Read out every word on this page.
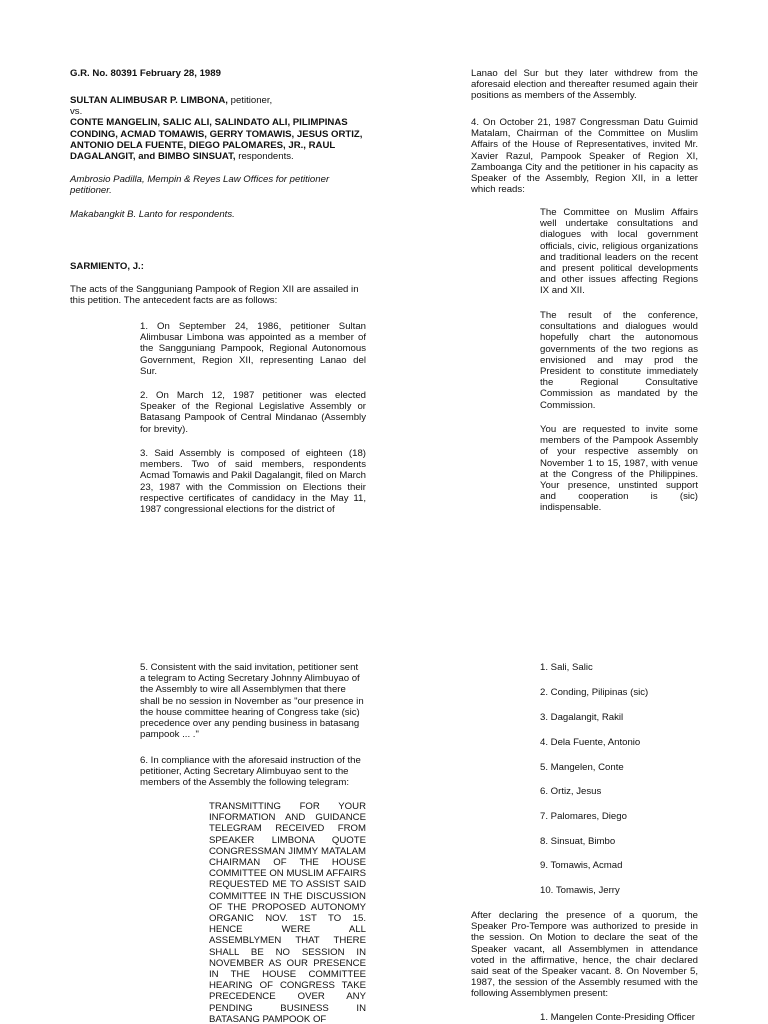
G.R. No. 80391 February 28, 1989
SULTAN ALIMBUSAR P. LIMBONA, petitioner,
vs.
CONTE MANGELIN, SALIC ALI, SALINDATO ALI, PILIMPINAS CONDING, ACMAD TOMAWIS, GERRY TOMAWIS, JESUS ORTIZ, ANTONIO DELA FUENTE, DIEGO PALOMARES, JR., RAUL DAGALANGIT, and BIMBO SINSUAT, respondents.
Ambrosio Padilla, Mempin & Reyes Law Offices for petitioner petitioner.
Makabangkit B. Lanto for respondents.
SARMIENTO, J.:
The acts of the Sangguniang Pampook of Region XII are assailed in this petition. The antecedent facts are as follows:
1. On September 24, 1986, petitioner Sultan Alimbusar Limbona was appointed as a member of the Sangguniang Pampook, Regional Autonomous Government, Region XII, representing Lanao del Sur.
2. On March 12, 1987 petitioner was elected Speaker of the Regional Legislative Assembly or Batasang Pampook of Central Mindanao (Assembly for brevity).
3. Said Assembly is composed of eighteen (18) members. Two of said members, respondents Acmad Tomawis and Pakil Dagalangit, filed on March 23, 1987 with the Commission on Elections their respective certificates of candidacy in the May 11, 1987 congressional elections for the district of
5. Consistent with the said invitation, petitioner sent a telegram to Acting Secretary Johnny Alimbuyao of the Assembly to wire all Assemblymen that there shall be no session in November as "our presence in the house committee hearing of Congress take (sic) precedence over any pending business in batasang pampook ... ."
6. In compliance with the aforesaid instruction of the petitioner, Acting Secretary Alimbuyao sent to the members of the Assembly the following telegram:
TRANSMITTING FOR YOUR INFORMATION AND GUIDANCE TELEGRAM RECEIVED FROM SPEAKER LIMBONA QUOTE CONGRESSMAN JIMMY MATALAM CHAIRMAN OF THE HOUSE COMMITTEE ON MUSLIM AFFAIRS REQUESTED ME TO ASSIST SAID COMMITTEE IN THE DISCUSSION OF THE PROPOSED AUTONOMY ORGANIC NOV. 1ST TO 15. HENCE WERE ALL ASSEMBLYMEN THAT THERE SHALL BE NO SESSION IN NOVEMBER AS OUR PRESENCE IN THE HOUSE COMMITTEE HEARING OF CONGRESS TAKE PRECEDENCE OVER ANY PENDING BUSINESS IN BATASANG PAMPOOK OF
Lanao del Sur but they later withdrew from the aforesaid election and thereafter resumed again their positions as members of the Assembly.
4. On October 21, 1987 Congressman Datu Guimid Matalam, Chairman of the Committee on Muslim Affairs of the House of Representatives, invited Mr. Xavier Razul, Pampook Speaker of Region XI, Zamboanga City and the petitioner in his capacity as Speaker of the Assembly, Region XII, in a letter which reads:
The Committee on Muslim Affairs well undertake consultations and dialogues with local government officials, civic, religious organizations and traditional leaders on the recent and present political developments and other issues affecting Regions IX and XII.
The result of the conference, consultations and dialogues would hopefully chart the autonomous governments of the two regions as envisioned and may prod the President to constitute immediately the Regional Consultative Commission as mandated by the Commission.
You are requested to invite some members of the Pampook Assembly of your respective assembly on November 1 to 15, 1987, with venue at the Congress of the Philippines. Your presence, unstinted support and cooperation is (sic) indispensable.
1. Sali, Salic
2. Conding, Pilipinas (sic)
3. Dagalangit, Rakil
4. Dela Fuente, Antonio
5. Mangelen, Conte
6. Ortiz, Jesus
7. Palomares, Diego
8. Sinsuat, Bimbo
9. Tomawis, Acmad
10. Tomawis, Jerry
After declaring the presence of a quorum, the Speaker Pro-Tempore was authorized to preside in the session. On Motion to declare the seat of the Speaker vacant, all Assemblymen in attendance voted in the affirmative, hence, the chair declared said seat of the Speaker vacant. 8. On November 5, 1987, the session of the Assembly resumed with the following Assemblymen present:
1. Mangelen Conte-Presiding Officer
